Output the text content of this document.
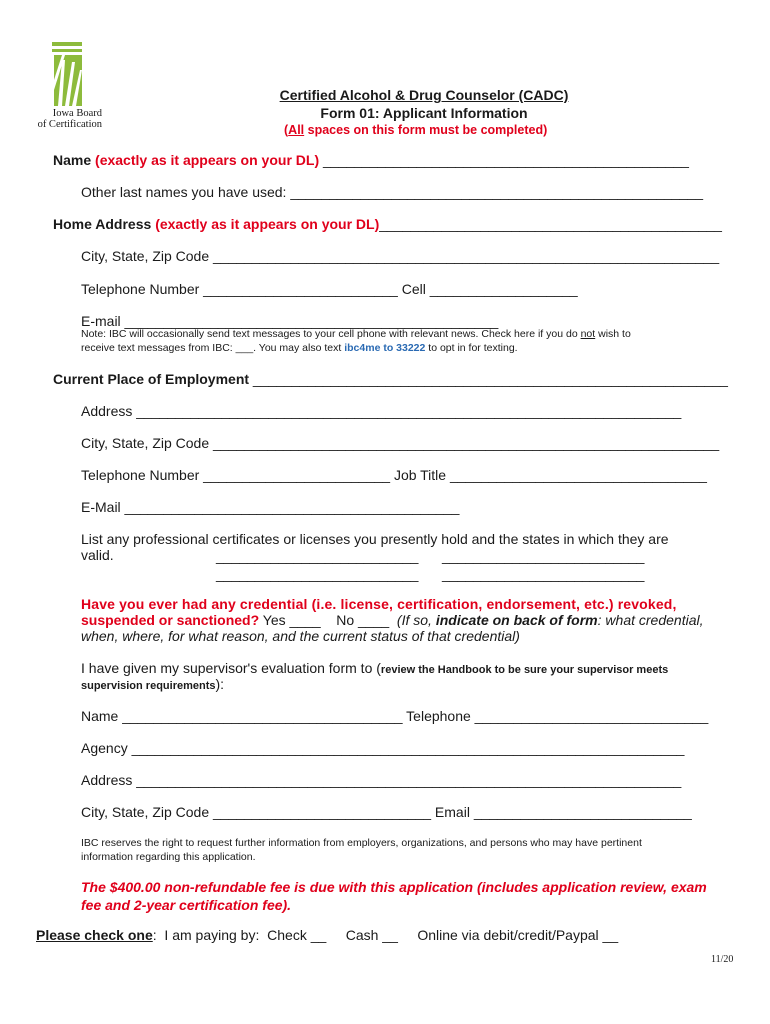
Iowa Board
of Certification
Certified Alcohol & Drug Counselor (CADC)
Form 01: Applicant Information
(All spaces on this form must be completed)
Name (exactly as it appears on your DL) _______________________________________________
Other last names you have used: _____________________________________________________
Home Address (exactly as it appears on your DL)____________________________________________
City, State, Zip Code _________________________________________________________________
Telephone Number _________________________ Cell ___________________
E-mail ________________________________________________
Note: IBC will occasionally send text messages to your cell phone with relevant news. Check here if you do not wish to
receive text messages from IBC: ___. You may also text ibc4me to 33222 to opt in for texting.
Current Place of Employment _____________________________________________________________
Address ______________________________________________________________________
City, State, Zip Code _________________________________________________________________
Telephone Number ________________________ Job Title _________________________________
E-Mail ___________________________________________
List any professional certificates or licenses you presently hold and the states in which they are
valid.	__________________________ __________________________
__________________________ __________________________
Have you ever had any credential (i.e. license, certification, endorsement, etc.) revoked,
suspended or sanctioned? Yes ____    No ____  (If so, indicate on back of form: what credential,
when, where, for what reason, and the current status of that credential)
I have given my supervisor's evaluation form to (review the Handbook to be sure your supervisor meets
supervision requirements):
Name ____________________________________ Telephone ______________________________
Agency _______________________________________________________________________
Address ______________________________________________________________________
City, State, Zip Code ____________________________ Email ____________________________
IBC reserves the right to request further information from employers, organizations, and persons who may have pertinent
information regarding this application.
The $400.00 non-refundable fee is due with this application (includes application review, exam
fee and 2-year certification fee).
Please check one:  I am paying by:  Check __     Cash __     Online via debit/credit/Paypal __
11/20
